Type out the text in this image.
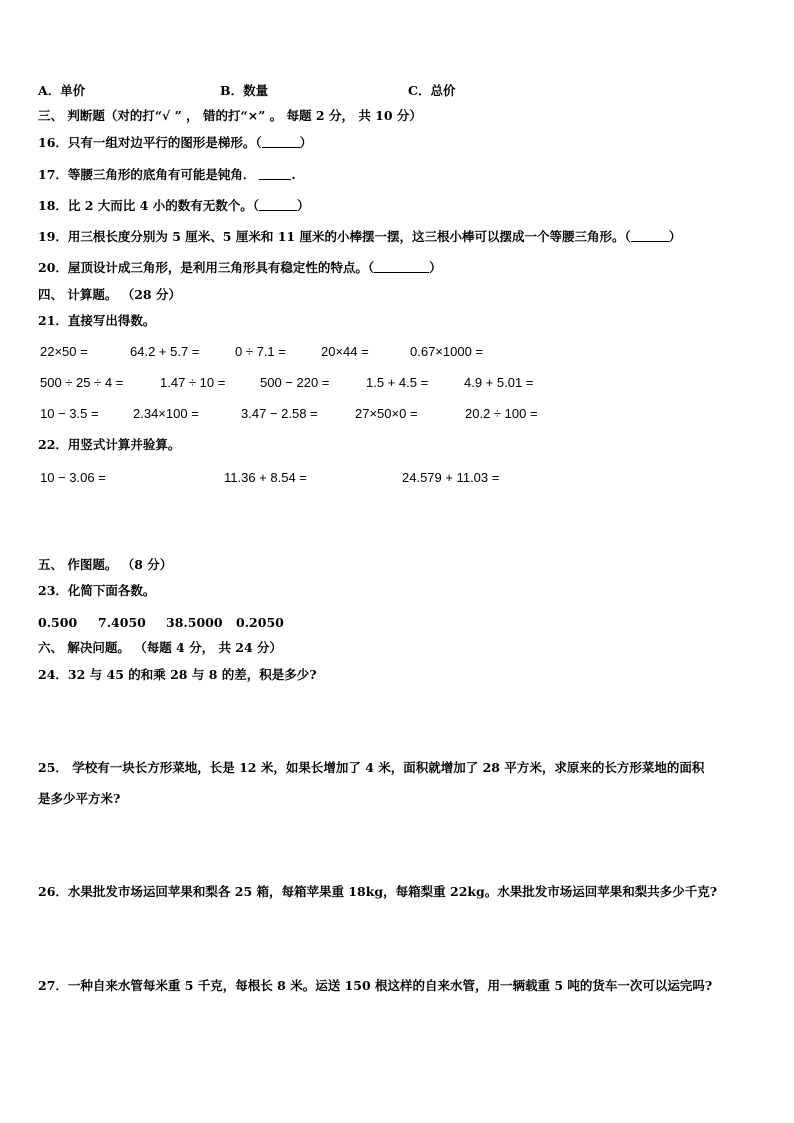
A．单价	B．数量	C．总价
三、 判断题（对的打“√ ” ， 错的打“×” 。 每题 2 分， 共 10 分）
16．只有一组对边平行的图形是梯形。（	）
17．等腰三角形的底角有可能是钝角．	.
18．比 2 大而比 4 小的数有无数个。（	）
19．用三根长度分别为 5 厘米、5 厘米和 11 厘米的小棒摆一摆，这三根小棒可以摆成一个等腰三角形。（	）
20．屋顶设计成三角形，是利用三角形具有稳定性的特点。（	）
四、 计算题。 （28 分）
21．直接写出得数。
22×50 =	64.2 + 5.7 =	0 ÷ 7.1 =	20×44 =	0.67×1000 =
500 ÷ 25 ÷ 4 =	1.47 ÷ 10 =	500 − 220 =	1.5 + 4.5 =	4.9 + 5.01 =
10 − 3.5 =	2.34×100 =	3.47 − 2.58 =	27×50×0 =	20.2 ÷ 100 =
22．用竖式计算并验算。
10 − 3.06 =	11.36 + 8.54 =	24.579 + 11.03 =
五、 作图题。 （8 分）
23．化简下面各数。
0.500 7.4050 38.5000 0.2050
六、 解决问题。 （每题 4 分， 共 24 分）
24．32 与 45 的和乘 28 与 8 的差，积是多少?
25． 学校有一块长方形菜地，长是 12 米，如果长增加了 4 米，面积就增加了 28 平方米，求原来的长方形菜地的面积
是多少平方米?
26．水果批发市场运回苹果和梨各 25 箱，每箱苹果重 18kg，每箱梨重 22kg。水果批发市场运回苹果和梨共多少千克?
27．一种自来水管每米重 5 千克，每根长 8 米。运送 150 根这样的自来水管，用一辆载重 5 吨的货车一次可以运完吗?
